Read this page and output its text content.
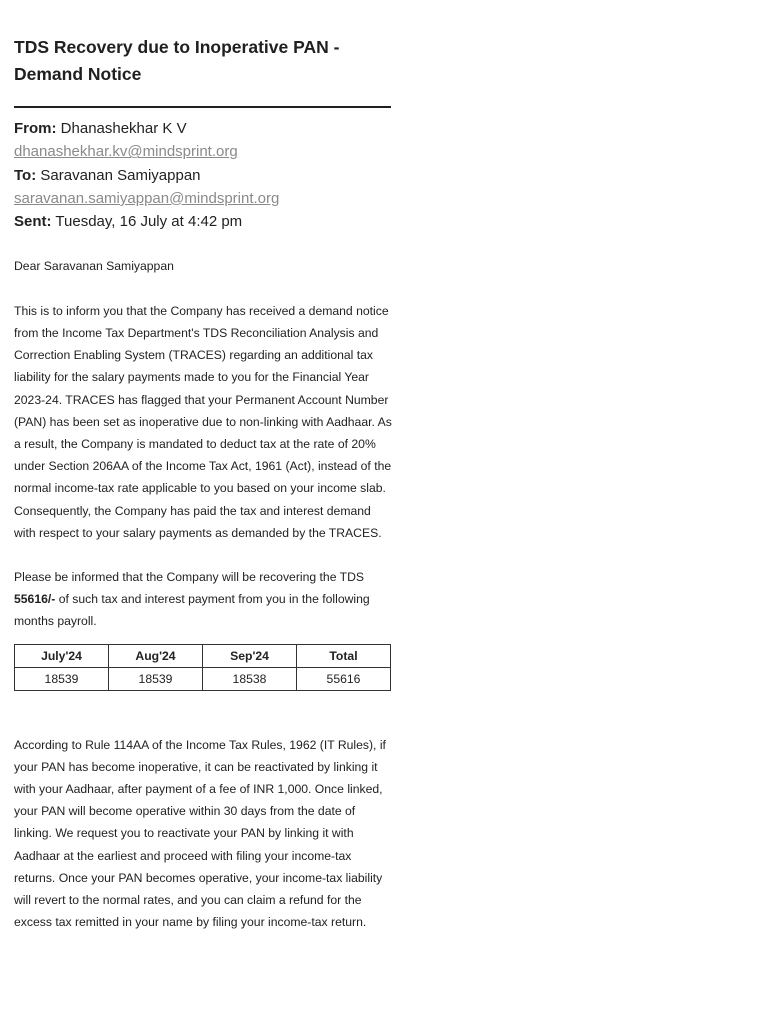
TDS Recovery due to Inoperative PAN -
Demand Notice
From: Dhanashekhar K V
dhanashekhar.kv@mindsprint.org
To: Saravanan Samiyappan
saravanan.samiyappan@mindsprint.org
Sent: Tuesday, 16 July at 4:42 pm
Dear Saravanan Samiyappan

This is to inform you that the Company has received a demand notice from the Income Tax Department's TDS Reconciliation Analysis and Correction Enabling System (TRACES) regarding an additional tax liability for the salary payments made to you for the Financial Year 2023-24. TRACES has flagged that your Permanent Account Number (PAN) has been set as inoperative due to non-linking with Aadhaar. As a result, the Company is mandated to deduct tax at the rate of 20% under Section 206AA of the Income Tax Act, 1961 (Act), instead of the normal income-tax rate applicable to you based on your income slab. Consequently, the Company has paid the tax and interest demand with respect to your salary payments as demanded by the TRACES.

Please be informed that the Company will be recovering the TDS 55616/- of such tax and interest payment from you in the following months payroll.

July'24	Aug'24	Sep'24	Total
18539	18539	18538	55616

According to Rule 114AA of the Income Tax Rules, 1962 (IT Rules), if your PAN has become inoperative, it can be reactivated by linking it with your Aadhaar, after payment of a fee of INR 1,000. Once linked, your PAN will become operative within 30 days from the date of linking. We request you to reactivate your PAN by linking it with Aadhaar at the earliest and proceed with filing your income-tax returns. Once your PAN becomes operative, your income-tax liability will revert to the normal rates, and you can claim a refund for the excess tax remitted in your name by filing your income-tax return.
